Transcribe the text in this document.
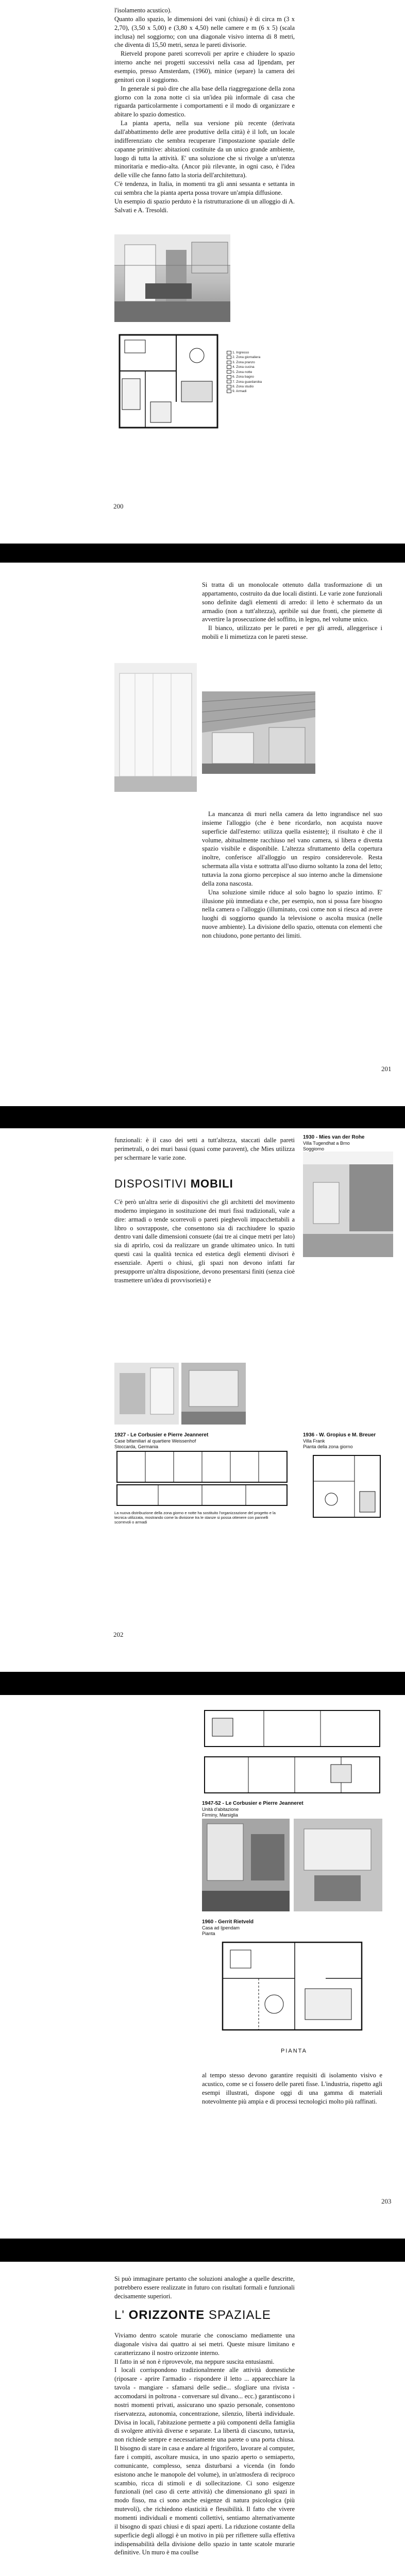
l'isolamento acustico).

Quanto allo spazio, le dimensioni dei vani (chiusi) è di circa m (3 x 2,70), (3,50 x 5,00) e (3,80 x 4,50) nelle camere e m (6 x 5) (scala inclusa) nel soggiorno; con una diagonale visivo interna di 8 metri, che diventa di 15,50 metri, senza le pareti divisorie.

Rietveld propone pareti scorrevoli per aprire e chiudere lo spazio interno anche nei progetti successivi nella casa ad Ijpendam, per esempio, presso Amsterdam, (1960), minice (separe) la camera dei genitori con il soggiorno.

In generale si può dire che alla base della riaggregazione della zona giorno con la zona notte ci sia un'idea più informale di casa che riguarda particolarmente i comportamenti e il modo di organizzare e abitare lo spazio domestico.

La pianta aperta, nella sua versione più recente (derivata dall'abbattimento delle aree produttive della città) è il loft, un locale indifferenziato che sembra recuperare l'impostazione spaziale delle capanne primitive: abitazioni costituite da un unico grande ambiente, luogo di tutta la attività. E' una soluzione che si rivolge a un'utenza minoritaria e medio-alta. (Ancor più rilevante, in ogni caso, è l'idea delle ville che fanno fatto la storia dell'architettura).

C'è tendenza, in Italia, in momenti tra gli anni sessanta e settanta in cui sembra che la pianta aperta possa trovare un'ampia diffusione.

Un esempio di spazio perduto è la ristrutturazione di un alloggio di A. Salvati e A. Tresoldi.

1. Ingresso
2. Zona giornaliera
3. Zona pranzo
4. Zona cucina
5. Zona notte
6. Zona bagno
7. Zona guardaroba
8. Zona studio
9. Armadi
200

Si tratta di un monolocale ottenuto dalla trasformazione di un appartamento, costruito da due locali distinti. Le varie zone funzionali sono definite dagli elementi di arredo: il letto è schermato da un armadio (non a tutt'altezza), apribile sui due fronti, che piemette di avvertire la prosecuzione del soffitto, in legno, nel volume unico.

Il bianco, utilizzato per le pareti e per gli arredi, alleggerisce i mobili e li mimetizza con le pareti stesse.

La mancanza di muri nella camera da letto ingrandisce nel suo insieme l'alloggio (che è bene ricordarlo, non acquista nuove superficie dall'esterno: utilizza quella esistente); il risultato è che il volume, abitualmente racchiuso nel vano camera, si libera e diventa spazio visibile e disponibile. L'altezza sfruttamento della copertura inoltre, conferisce all'alloggio un respiro considerevole. Resta schermata alla vista e sottratta all'uso diurno soltanto la zona del letto; tuttavia la zona giorno percepisce al suo interno anche la dimensione della zona nascosta.

Una soluzione simile riduce al solo bagno lo spazio intimo. E' illusione più immediata e che, per esempio, non si possa fare bisogno nella camera o l'alloggio (illuminato, così come non si riesca ad avere luoghi di soggiorno quando la televisione o ascolta musica (nelle nuove ambiente). La divisione dello spazio, ottenuta con elementi che non chiudono, pone pertanto dei limiti.

201

funzionali: è il caso dei setti a tutt'altezza, staccati dalle pareti perimetrali, o dei muri bassi (quasi come paravent), che Mies utilizza per schermare le varie zone.

DISPOSITIVI MOBILI

C'è però un'altra serie di dispositivi che gli architetti del movimento moderno impiegano in sostituzione dei muri fissi tradizionali, vale a dire: armadi o tende scorrevoli o pareti pieghevoli impacchettabili a libro o sovrapposte, che consentono sia di racchiudere lo spazio dentro vani dalle dimensioni consuete (dai tre ai cinque metri per lato) sia di aprirlo, così da realizzare un grande ultimateo unico. In tutti questi casi la qualità tecnica ed estetica degli elementi divisori è essenziale. Aperti o chiusi, gli spazi non devono infatti far presupporre un'altra disposizione, devono presentarsi finiti (senza cioè trasmettere un'idea di provvisorietà) e

1930 - Mies van der Rohe
Villa Tugendhat a Brno
Soggiorno
1927 - Le Corbusier e Pierre Jeanneret
Case bifamiliari al quartiere Weissenhof
Stoccarda, Germania
La nuova distribuzione della zona giorno e notte ha sostituito l'organizzazione del progetto e la tecnica utilizzata, mostrando come la divisione tra le stanze si possa ottenere con pannelli scorrevoli o armadi
1936 - W. Gropius e M. Breuer
Villa Frank
Pianta della zona giorno
202
1947-52 - Le Corbusier e Pierre Jeanneret
Unità d'abitazione
Firminy, Marsiglia
1960 - Gerrit Rietveld
Casa ad Ijpendam
Pianta
PIANTA

al tempo stesso devono garantire requisiti di isolamento visivo e acustico, come se ci fossero delle pareti fisse. L'industria, rispetto agli esempi illustrati, dispone oggi di una gamma di materiali notevolmente più ampia e di processi tecnologici molto più raffinati.

203

Si può immaginare pertanto che soluzioni analoghe a quelle descritte, potrebbero essere realizzate in futuro con risultati formali e funzionali decisamente superiori.

L' ORIZZONTE SPAZIALE

Viviamo dentro scatole murarie che conosciamo mediamente una diagonale visiva dai quattro ai sei metri. Queste misure limitano e caratterizzano il nostro orizzonte interno.

Il fatto in sé non è riprovevole, ma neppure suscita entusiasmi.

I locali corrispondono tradizionalmente alle attività domestiche (riposare - aprire l'armadio - rispondere il letto ... apparecchiare la tavola - mangiare - sfamarsi delle sedie... sfogliare una rivista - accomodarsi in poltrona - conversare sul divano... ecc.) garantiscono i nostri momenti privati, assicurano uno spazio personale, consentono riservatezza, autonomia, concentrazione, silenzio, libertà individuale. Divisa in locali, l'abitazione permette a più componenti della famiglia di svolgere attività diverse e separate. La libertà di ciascuno, tuttavia, non richiede sempre e necessariamente una parete o una porta chiusa. Il bisogno di stare in casa e andare al frigorifero, lavorare al computer, fare i compiti, ascoltare musica, in uno spazio aperto o semiaperto, comunicante, complesso, senza disturbarsi a vicenda (in fondo esistono anche le manopole del volume), in un'atmosfera di reciproco scambio, ricca di stimoli e di sollecitazione. Ci sono esigenze funzionali (nel caso di certe attività) che dimensionano gli spazi in modo fisso, ma ci sono anche esigenze di natura psicologica (più mutevoli), che richiedono elasticità e flessibilità. Il fatto che vivere momenti individuali e momenti collettivi, sentiamo alternativamente il bisogno di spazi chiusi e di spazi aperti. La riduzione costante della superficie degli alloggi è un motivo in più per riflettere sulla effettiva indispensabilità della divisione dello spazio in tante scatole murarie definitive. Un muro è ma coullse
